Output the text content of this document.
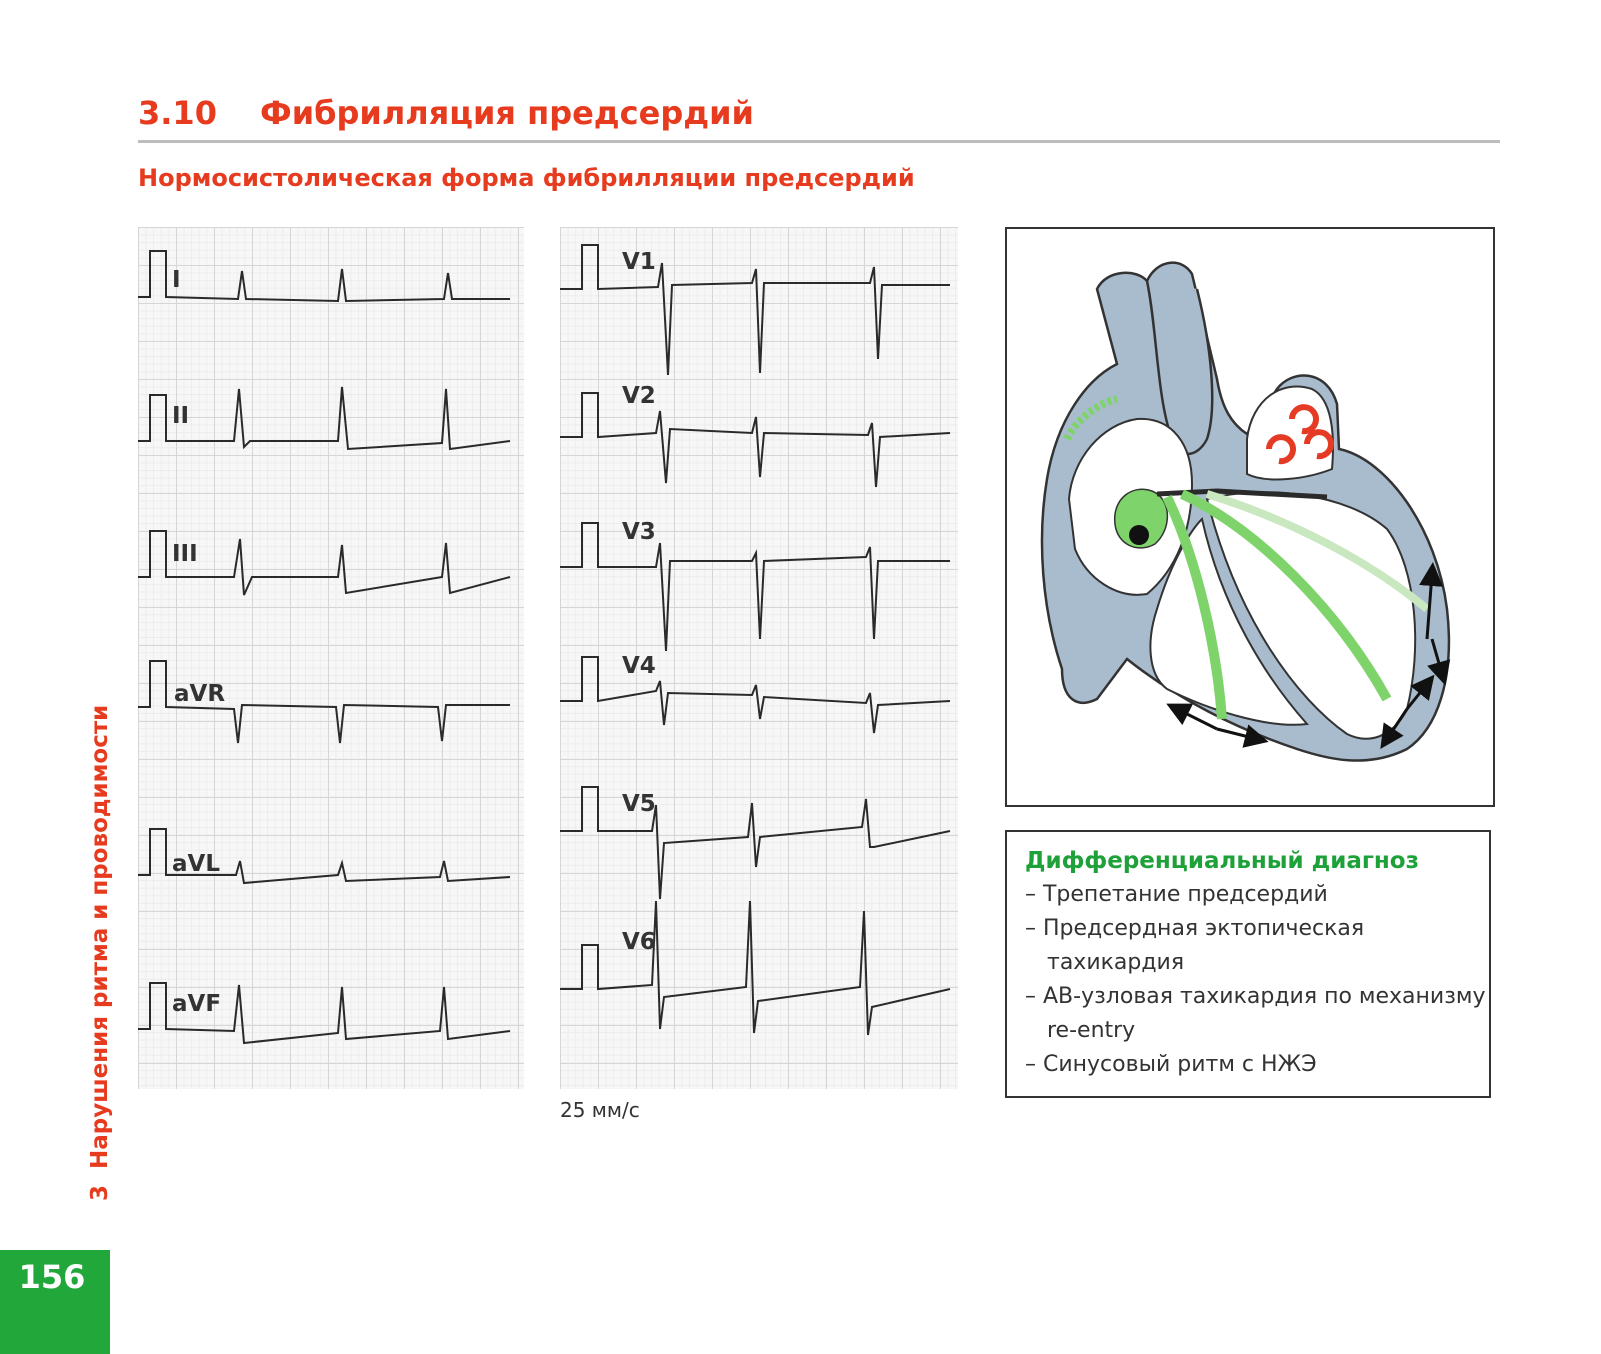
3.10 Фибрилляция предсердий
Нормосистолическая форма фибрилляции предсердий
I
II
III
aVR
aVL
aVF
V1
V2
V3
V4
V5
V6
25 мм/с
Дифференциальный диагноз
– Трепетание предсердий
– Предсердная эктопическая тахикардия
– АВ-узловая тахикардия по механизму re-entry
– Синусовый ритм с НЖЭ
3Нарушения ритма и проводимости
156
